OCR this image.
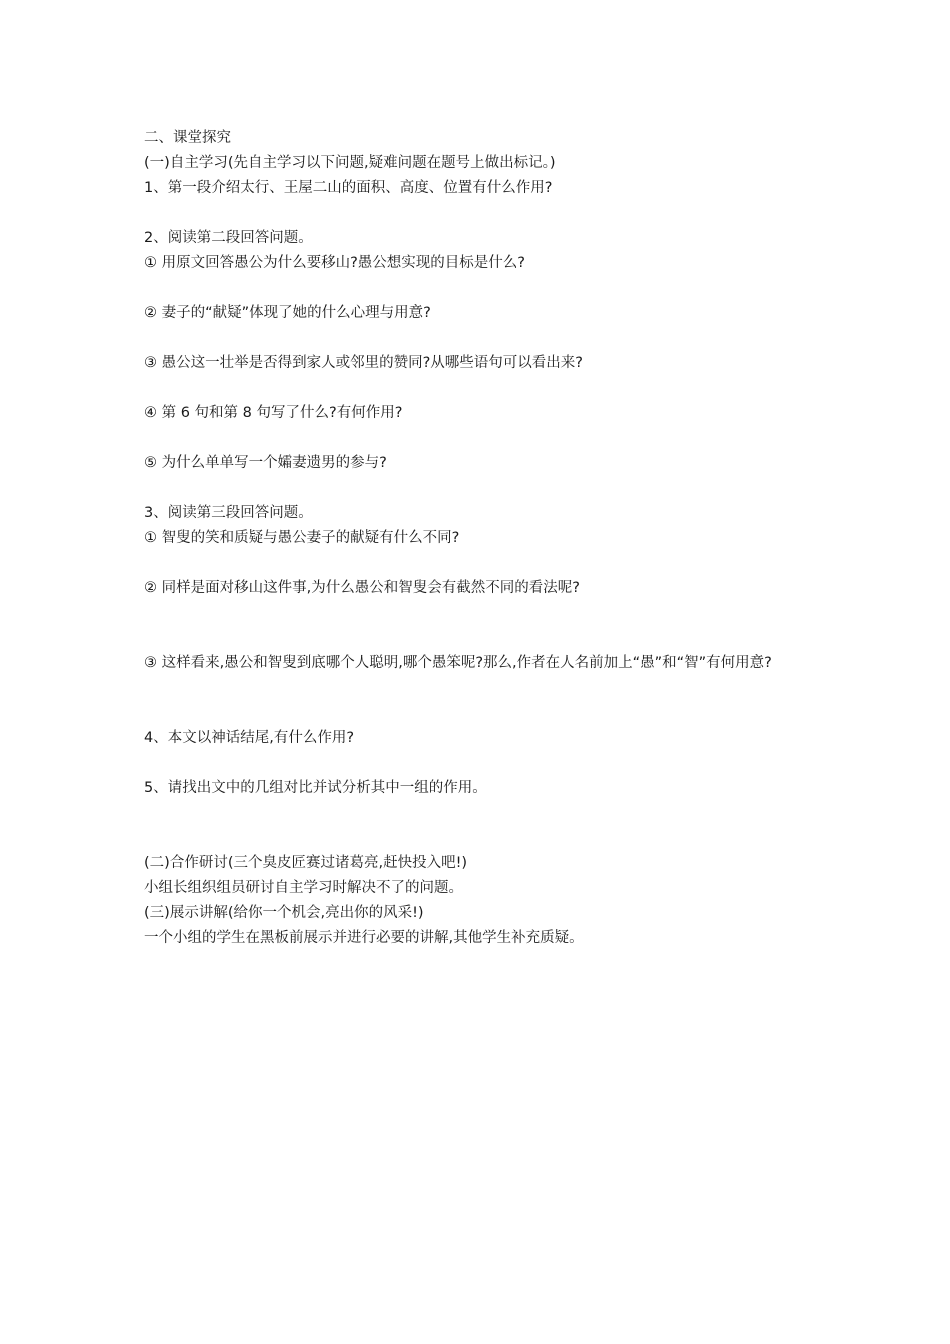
二、课堂探究

(一)自主学习(先自主学习以下问题,疑难问题在题号上做出标记。)

1、第一段介绍太行、王屋二山的面积、高度、位置有什么作用?

2、阅读第二段回答问题。

① 用原文回答愚公为什么要移山?愚公想实现的目标是什么?

② 妻子的“献疑”体现了她的什么心理与用意?

③ 愚公这一壮举是否得到家人或邻里的赞同?从哪些语句可以看出来?

④ 第 6 句和第 8 句写了什么?有何作用?

⑤ 为什么单单写一个孀妻遗男的参与?

3、阅读第三段回答问题。

① 智叟的笑和质疑与愚公妻子的献疑有什么不同?

② 同样是面对移山这件事,为什么愚公和智叟会有截然不同的看法呢?

③ 这样看来,愚公和智叟到底哪个人聪明,哪个愚笨呢?那么,作者在人名前加上“愚”和“智”有何用意?

4、本文以神话结尾,有什么作用?

5、请找出文中的几组对比并试分析其中一组的作用。

(二)合作研讨(三个臭皮匠赛过诸葛亮,赶快投入吧!)

小组长组织组员研讨自主学习时解决不了的问题。

(三)展示讲解(给你一个机会,亮出你的风采!)

一个小组的学生在黑板前展示并进行必要的讲解,其他学生补充质疑。
